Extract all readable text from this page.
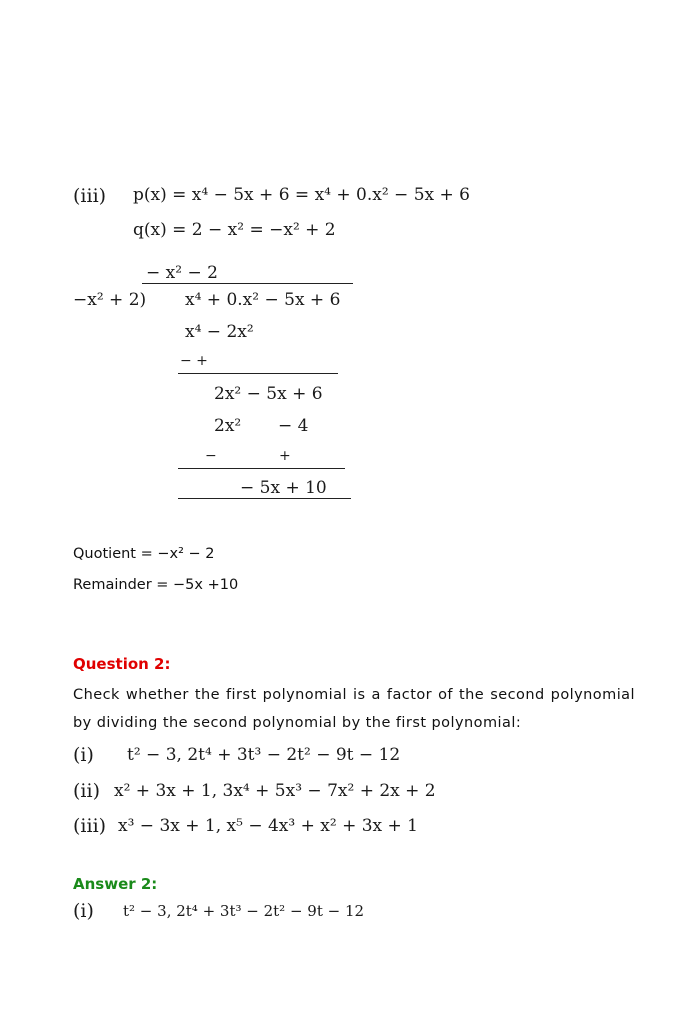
(iii) p(x) = x⁴ − 5x + 6 = x⁴ + 0.x² − 5x + 6
q(x) = 2 − x² = −x² + 2
− x² − 2
−x² + 2) x⁴ + 0.x² − 5x + 6
x⁴ − 2x²
− +
2x² − 5x + 6
2x² − 4
−	+
− 5x + 10
Quotient = −x² − 2
Remainder = −5x +10
Question 2:
Check whether the first polynomial is a factor of the second polynomial by dividing the second polynomial by the first polynomial:
(i) t² − 3, 2t⁴ + 3t³ − 2t² − 9t − 12
(ii) x² + 3x + 1, 3x⁴ + 5x³ − 7x² + 2x + 2
(iii) x³ − 3x + 1, x⁵ − 4x³ + x² + 3x + 1
Answer 2:
(i) t² − 3, 2t⁴ + 3t³ − 2t² − 9t − 12
